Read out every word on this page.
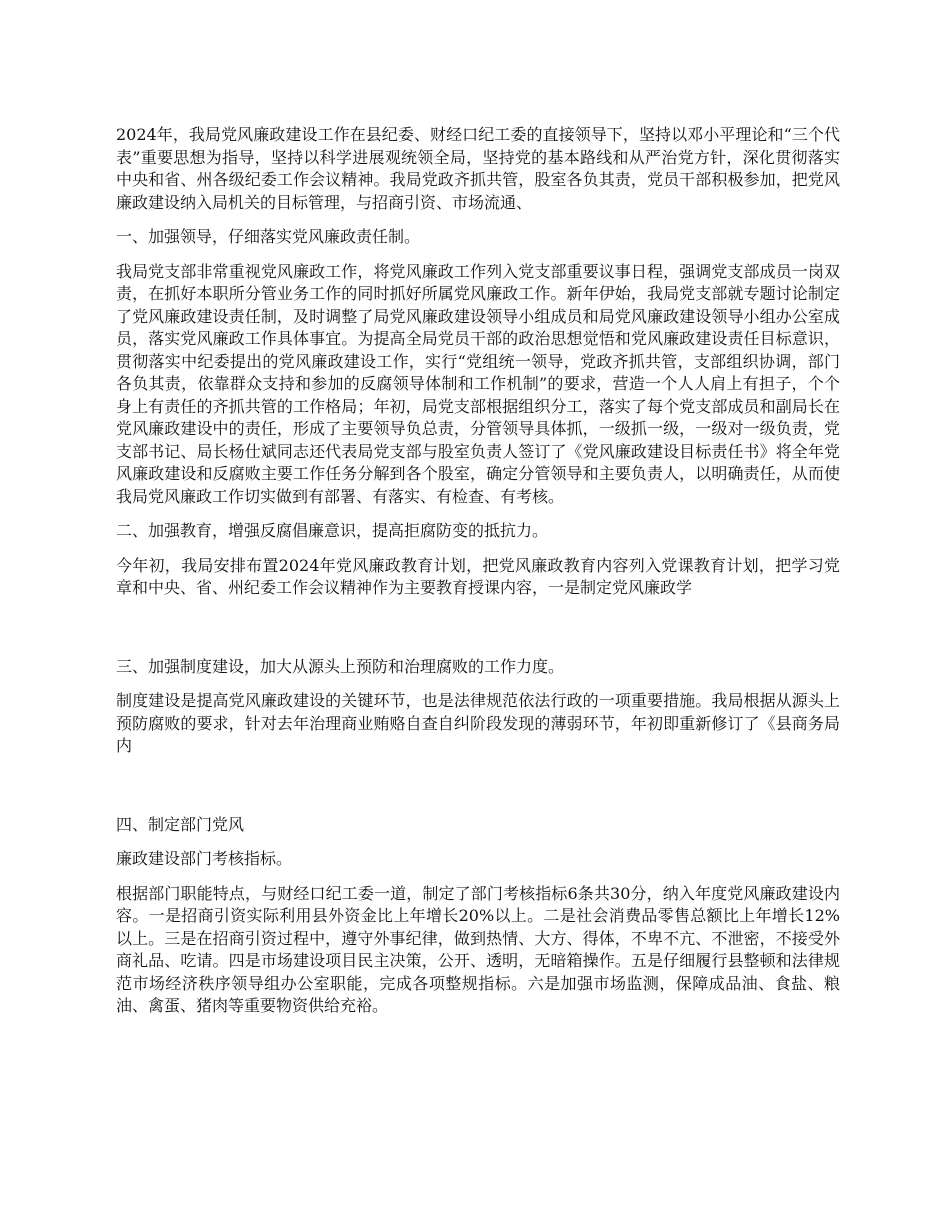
2024年，我局党风廉政建设工作在县纪委、财经口纪工委的直接领导下，坚持以邓小平理论和“三个代表”重要思想为指导，坚持以科学进展观统领全局，坚持党的基本路线和从严治党方针，深化贯彻落实中央和省、州各级纪委工作会议精神。我局党政齐抓共管，股室各负其责，党员干部积极参加，把党风廉政建设纳入局机关的目标管理，与招商引资、市场流通、

一、加强领导，仔细落实党风廉政责任制。

我局党支部非常重视党风廉政工作，将党风廉政工作列入党支部重要议事日程，强调党支部成员一岗双责，在抓好本职所分管业务工作的同时抓好所属党风廉政工作。新年伊始，我局党支部就专题讨论制定了党风廉政建设责任制，及时调整了局党风廉政建设领导小组成员和局党风廉政建设领导小组办公室成员，落实党风廉政工作具体事宜。为提高全局党员干部的政治思想觉悟和党风廉政建设责任目标意识，贯彻落实中纪委提出的党风廉政建设工作，实行“党组统一领导，党政齐抓共管，支部组织协调，部门各负其责，依靠群众支持和参加的反腐领导体制和工作机制”的要求，营造一个人人肩上有担子，个个身上有责任的齐抓共管的工作格局；年初，局党支部根据组织分工，落实了每个党支部成员和副局长在党风廉政建设中的责任，形成了主要领导负总责，分管领导具体抓，一级抓一级，一级对一级负责，党支部书记、局长杨仕斌同志还代表局党支部与股室负责人签订了《党风廉政建设目标责任书》将全年党风廉政建设和反腐败主要工作任务分解到各个股室，确定分管领导和主要负责人，以明确责任，从而使我局党风廉政工作切实做到有部署、有落实、有检查、有考核。

二、加强教育，增强反腐倡廉意识，提高拒腐防变的抵抗力。

今年初，我局安排布置2024年党风廉政教育计划，把党风廉政教育内容列入党课教育计划，把学习党章和中央、省、州纪委工作会议精神作为主要教育授课内容，一是制定党风廉政学

三、加强制度建设，加大从源头上预防和治理腐败的工作力度。

制度建设是提高党风廉政建设的关键环节，也是法律规范依法行政的一项重要措施。我局根据从源头上预防腐败的要求，针对去年治理商业贿赂自查自纠阶段发现的薄弱环节，年初即重新修订了《县商务局内

四、制定部门党风

廉政建设部门考核指标。

根据部门职能特点，与财经口纪工委一道，制定了部门考核指标6条共30分，纳入年度党风廉政建设内容。一是招商引资实际利用县外资金比上年增长20%以上。二是社会消费品零售总额比上年增长12%以上。三是在招商引资过程中，遵守外事纪律，做到热情、大方、得体，不卑不亢、不泄密，不接受外商礼品、吃请。四是市场建设项目民主决策，公开、透明，无暗箱操作。五是仔细履行县整顿和法律规范市场经济秩序领导组办公室职能，完成各项整规指标。六是加强市场监测，保障成品油、食盐、粮油、禽蛋、猪肉等重要物资供给充裕。
